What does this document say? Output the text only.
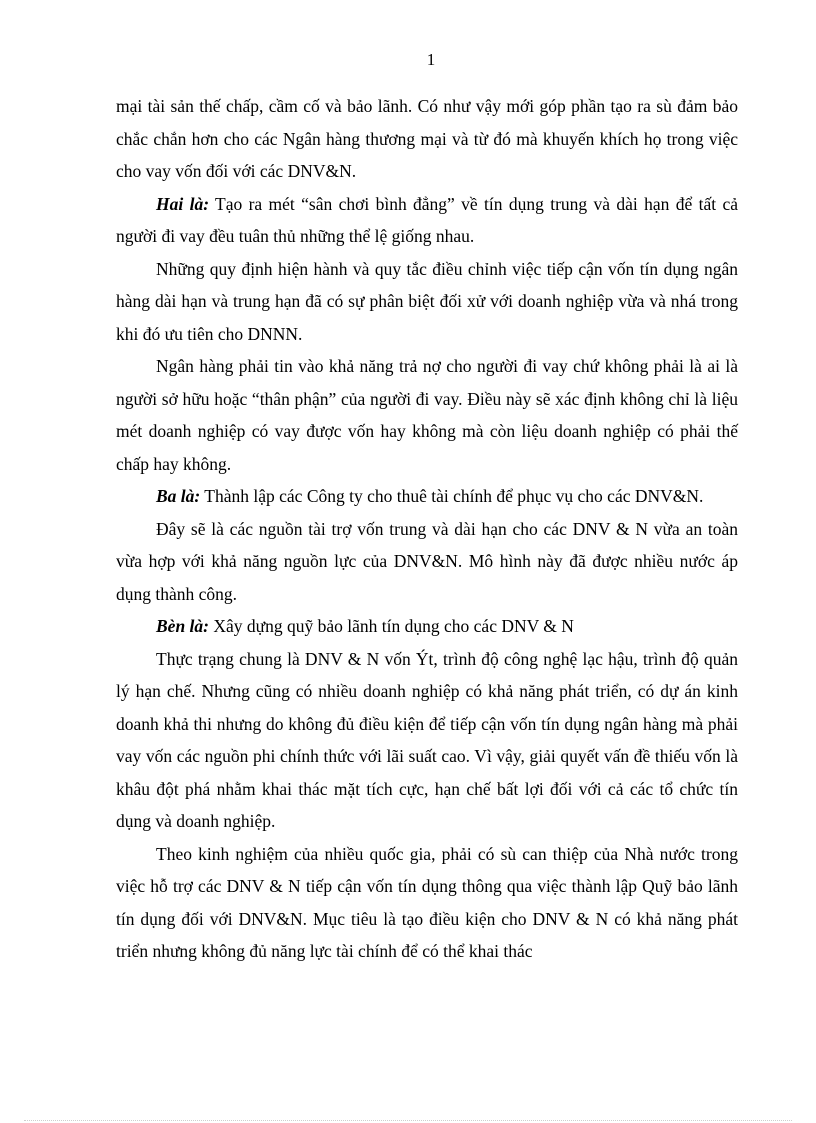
1

mại tài sản thế chấp, cầm cố và bảo lãnh. Có như vậy mới góp phần tạo ra sù đảm bảo chắc chắn hơn cho các Ngân hàng thương mại và từ đó mà khuyến khích họ trong việc cho vay vốn đối với các DNV&N.

Hai là: Tạo ra mét “sân chơi bình đẳng” về tín dụng trung và dài hạn để tất cả người đi vay đều tuân thủ những thể lệ giống nhau.

Những quy định hiện hành và quy tắc điều chỉnh việc tiếp cận vốn tín dụng ngân hàng dài hạn và trung hạn đã có sự phân biệt đối xử với doanh nghiệp vừa và nhá trong khi đó ưu tiên cho DNNN.

Ngân hàng phải tin vào khả năng trả nợ cho người đi vay chứ không phải là ai là người sở hữu hoặc “thân phận” của người đi vay. Điều này sẽ xác định không chỉ là liệu mét doanh nghiệp có vay được vốn hay không mà còn liệu doanh nghiệp có phải thế chấp hay không.

Ba là: Thành lập các Công ty cho thuê tài chính để phục vụ cho các DNV&N.

Đây sẽ là các nguồn tài trợ vốn trung và dài hạn cho các DNV & N vừa an toàn vừa hợp với khả năng nguồn lực của DNV&N. Mô hình này đã được nhiều nước áp dụng thành công.

Bèn là: Xây dựng quỹ bảo lãnh tín dụng cho các DNV & N

Thực trạng chung là DNV & N vốn Ýt, trình độ công nghệ lạc hậu, trình độ quản lý hạn chế. Nhưng cũng có nhiều doanh nghiệp có khả năng phát triển, có dự án kinh doanh khả thi nhưng do không đủ điều kiện để tiếp cận vốn tín dụng ngân hàng mà phải vay vốn các nguồn phi chính thức với lãi suất cao. Vì vậy, giải quyết vấn đề thiếu vốn là khâu đột phá nhằm khai thác mặt tích cực, hạn chế bất lợi đối với cả các tổ chức tín dụng và doanh nghiệp.

Theo kinh nghiệm của nhiều quốc gia, phải có sù can thiệp của Nhà nước trong việc hỗ trợ các DNV & N tiếp cận vốn tín dụng thông qua việc thành lập Quỹ bảo lãnh tín dụng đối với DNV&N. Mục tiêu là tạo điều kiện cho DNV & N có khả năng phát triển nhưng không đủ năng lực tài chính để có thể khai thác
